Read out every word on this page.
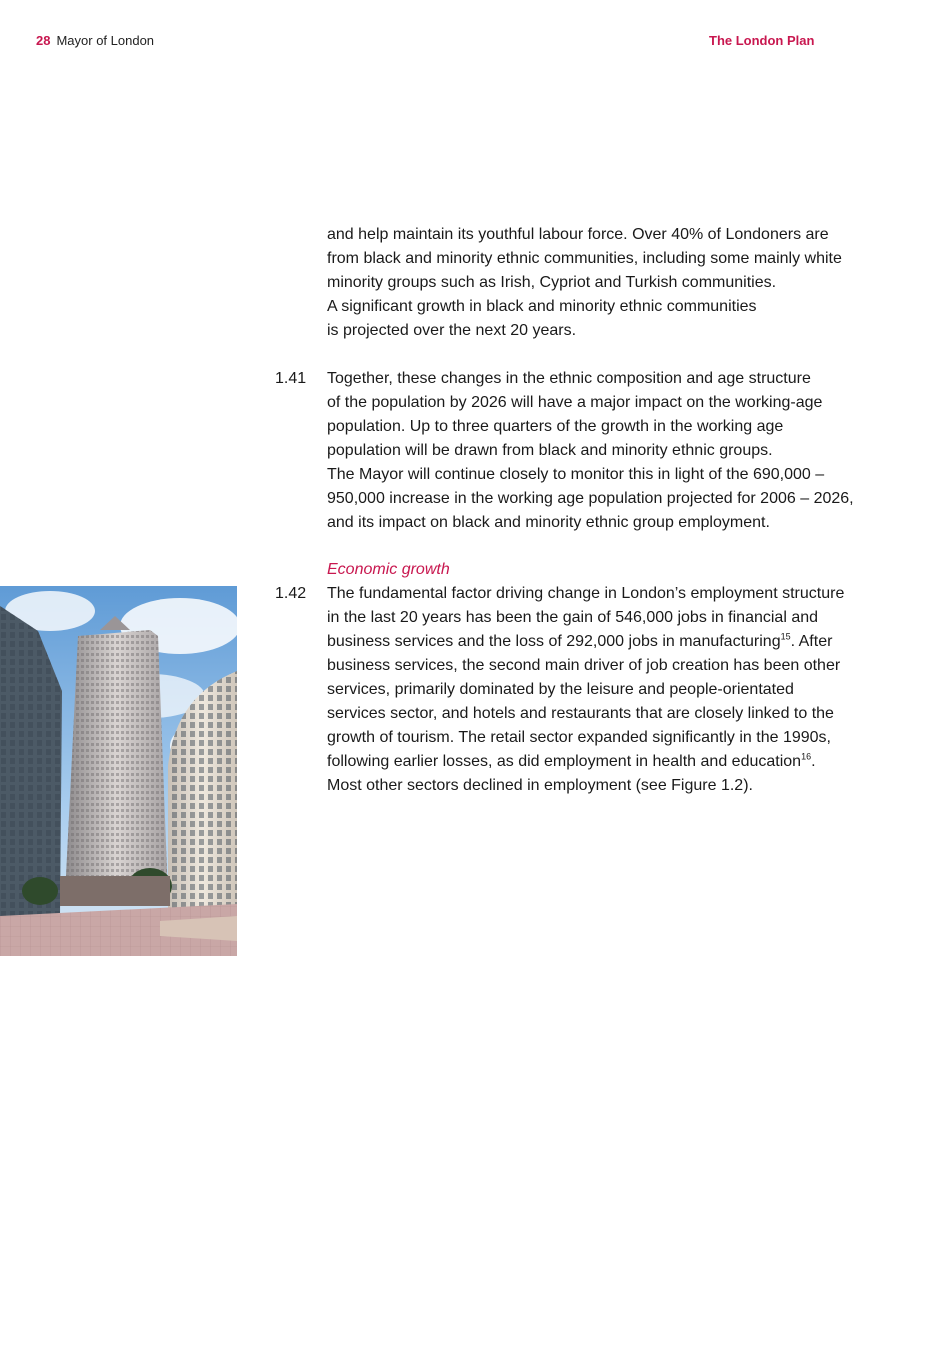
28 Mayor of London	The London Plan

and help maintain its youthful labour force. Over 40% of Londoners are

from black and minority ethnic communities, including some mainly white

minority groups such as Irish, Cypriot and Turkish communities.

A significant growth in black and minority ethnic communities

is projected over the next 20 years.

1.41 Together, these changes in the ethnic composition and age structure

of the population by 2026 will have a major impact on the working-age

population. Up to three quarters of the growth in the working age

population will be drawn from black and minority ethnic groups.

The Mayor will continue closely to monitor this in light of the 690,000 –

950,000 increase in the working age population projected for 2006 – 2026,

and its impact on black and minority ethnic group employment.

Economic growth
1.42 The fundamental factor driving change in London’s employment structure

in the last 20 years has been the gain of 546,000 jobs in financial and

business services and the loss of 292,000 jobs in manufacturing$^{15}$. After

business services, the second main driver of job creation has been other

services, primarily dominated by the leisure and people-orientated

services sector, and hotels and restaurants that are closely linked to the

growth of tourism. The retail sector expanded significantly in the 1990s,

following earlier losses, as did employment in health and education$^{16}$.

Most other sectors declined in employment (see Figure 1.2).
